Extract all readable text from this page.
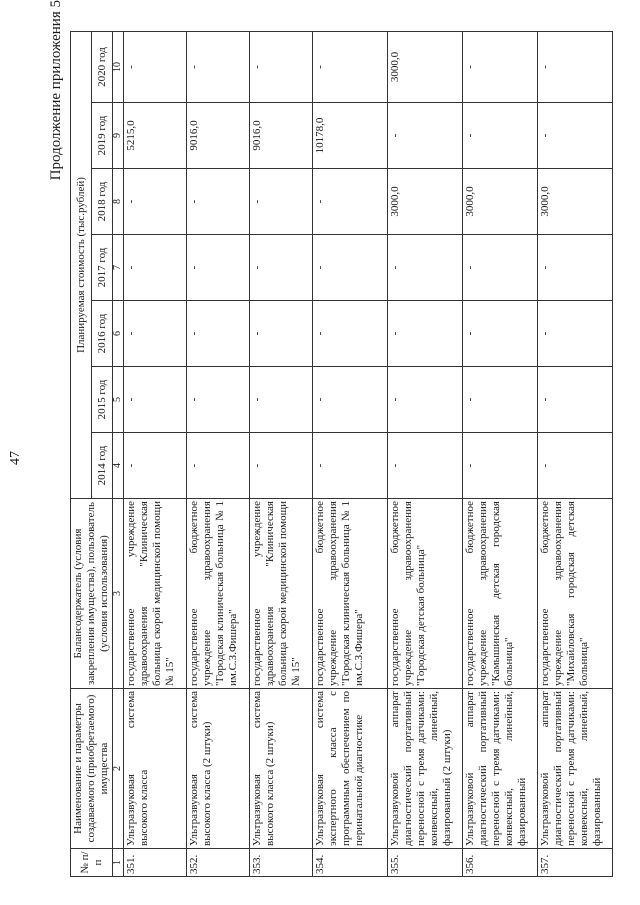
47
Продолжение приложения 5
№ п/п	Наименование и параметры создаваемого (приобретаемого) имущества	Балансодержатель (условия закрепления имущества), пользователь (условия использования)	Планируемая стоимость (тыс.рублей)						
			2014 год	2015 год	2016 год	2017 год	2018 год	2019 год	2020 год
1	2	3	4	5	6	7	8	9	10
351.	Ультразвуковая система высокого класса	государственное учреждение здравоохранения "Клиническая больница скорой медицинской помощи № 15"	-	-	-	-	-	5215,0	-
352.	Ультразвуковая система высокого класса (2 штуки)	государственное бюджетное учреждение здравоохранения "Городская клиническая больница № 1 им.С.З.Фишера"	-	-	-	-	-	9016,0	-
353.	Ультразвуковая система высокого класса (2 штуки)	государственное учреждение здравоохранения "Клиническая больница скорой медицинской помощи № 15"	-	-	-	-	-	9016,0	-
354.	Ультразвуковая система экспертного класса с программным обеспечением по перинатальной диагностике	государственное бюджетное учреждение здравоохранения "Городская клиническая больница № 1 им.С.З.Фишера"	-	-	-	-	-	10178,0	-
355.	Ультразвуковой аппарат диагностический портативный переносной с тремя датчиками: конвексный, линейный, фазированный (2 штуки)	государственное бюджетное учреждение здравоохранения "Городская детская больница"	-	-	-	-	3000,0	-	3000,0
356.	Ультразвуковой аппарат диагностический портативный переносной с тремя датчиками: конвексный, линейный, фазированный	государственное бюджетное учреждение здравоохранения "Камышинская детская городская больница"	-	-	-	-	3000,0	-	-
357.	Ультразвуковой аппарат диагностический портативный переносной с тремя датчиками: конвексный, линейный, фазированный	государственное бюджетное учреждение здравоохранения "Михайловская городская детская больница"	-	-	-	-	3000,0	-	-
